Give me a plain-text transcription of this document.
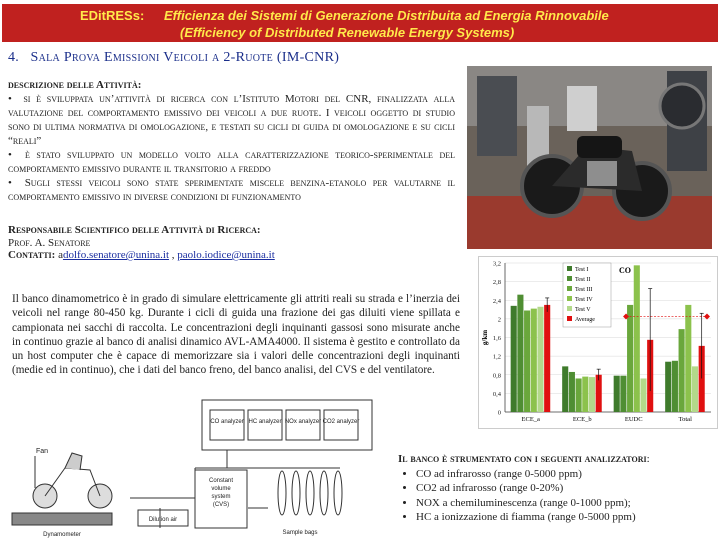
EDitRESs: Efficienza dei Sistemi di Generazione Distribuita ad Energia Rinnovabile
(Efficiency of Distributed Renewable Energy Systems)
4. Sala Prova Emissioni Veicoli a 2-Ruote (IM-CNR)
descrizione delle Attività:
•  si è sviluppata un’attività di ricerca con l’Istituto Motori del CNR, finalizzata alla valutazione del comportamento emissivo dei veicoli a due ruote. I veicoli oggetto di studio sono di ultima normativa di omologazione, e testati su cicli di guida di omologazione e su cicli “reali”
•  è stato sviluppato un modello volto alla caratterizzazione teorico-sperimentale del comportamento emissivo durante il transitorio a freddo
•  Sugli stessi veicoli sono state sperimentate miscele benzina-etanolo per valutarne il comportamento emissivo in diverse condizioni di funzionamento
Responsabile Scientifico delle Attività di Ricerca:
Prof. A. Senatore
Contatti: adolfo.senatore@unina.it , paolo.iodice@unina.it
Il banco dinamometrico è in grado di simulare elettricamente gli attriti reali su strada e l’inerzia dei veicoli nel range 80-450 kg. Durante i cicli di guida una frazione dei gas diluiti viene spillata e campionata nei sacchi di raccolta. Le concentrazioni degli inquinanti gassosi sono misurate anche in continuo grazie al banco di analisi dinamico AVL-AMA4000. Il sistema è gestito e controllato da un host computer che è capace di memorizzare sia i valori delle concentrazioni degli inquinanti (medie ed in continuo), che i dati del banco freno, del banco analisi, del CVS e del ventilatore.
0
0,4
0,8
1,2
1,6
2
2,4
2,8
3,2
g/km
ECE_a	ECE_b	EUDC	Total
Test I
Test II
Test III
Test IV
Test V
Average
CO
CO analyzer HC analyzer NOx analyzer CO2 analyzer
Constant
volume
system
(CVS)
Sample bags
Dilution air
Dynamometer
Fan
Il banco è strumentato con i seguenti analizzatori:
• CO ad infrarosso (range 0-5000 ppm)
• CO2 ad infrarosso (range 0-20%)
• NOX a chemiluminescenza (range 0-1000 ppm);
• HC a ionizzazione di fiamma (range 0-5000 ppm)
